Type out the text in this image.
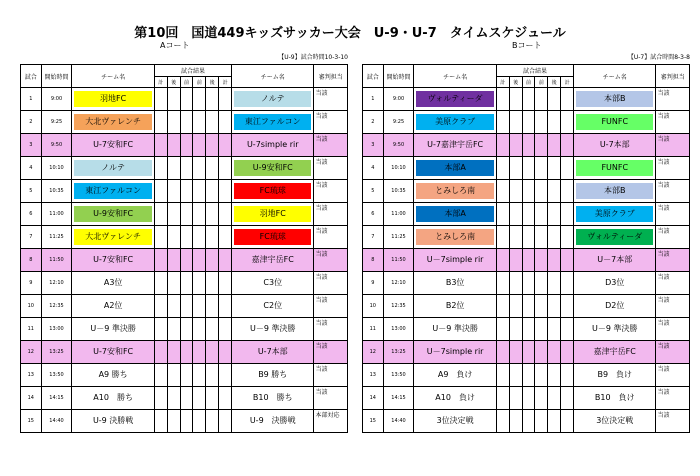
第10回　国道449キッズサッカー大会　U-9・U-7　タイムスケジュール
Aコート	Bコート
【U-9】試合時間10-3-10
試合	開始時間	チーム名	試合結果						チーム名	審判担当
			計	後	前	前	後	計		
1	9:00	羽地FC							ノルテ	当該
2	9:25	大北ヴァレンチ							東江ファルコン	当該
3	9:50	U-7安和FC							U-7simple rir	当該
4	10:10	ノルテ							U-9安和FC	当該
5	10:35	東江ファルコン							FC琉球	当該
6	11:00	U-9安和FC							羽地FC	当該
7	11:25	大北ヴァレンチ							FC琉球	当該
8	11:50	U-7安和FC							嘉津宇岳FC	当該
9	12:10	A3位							C3位	当該
10	12:35	A2位							C2位	当該
11	13:00	U－9 準決勝							U－9 準決勝	当該
12	13:25	U-7安和FC							U-7本部	当該
13	13:50	A9 勝ち							B9 勝ち	当該
14	14:15	A10　勝ち							B10　勝ち	当該
15	14:40	U-9 決勝戦							U-9　決勝戦	本部対応
【U-7】試合時間8-3-8
試合	開始時間	チーム名	試合結果						チーム名	審判担当
			計	後	前	前	後	計		
1	9:00	ヴォルティーダ							本部B	当該
2	9:25	美原クラブ							FUNFC	当該
3	9:50	U-7嘉津宇岳FC							U-7本部	当該
4	10:10	本部A							FUNFC	当該
5	10:35	とみしろ南							本部B	当該
6	11:00	本部A							美原クラブ	当該
7	11:25	とみしろ南							ヴォルティーダ	当該
8	11:50	U－7simple rir							U－7本部	当該
9	12:10	B3位							D3位	当該
10	12:35	B2位							D2位	当該
11	13:00	U－9 準決勝							U－9 準決勝	当該
12	13:25	U－7simple rir							嘉津宇岳FC	当該
13	13:50	A9　負け							B9　負け	当該
14	14:15	A10　負け							B10　負け	当該
15	14:40	3位決定戦							3位決定戦	当該
